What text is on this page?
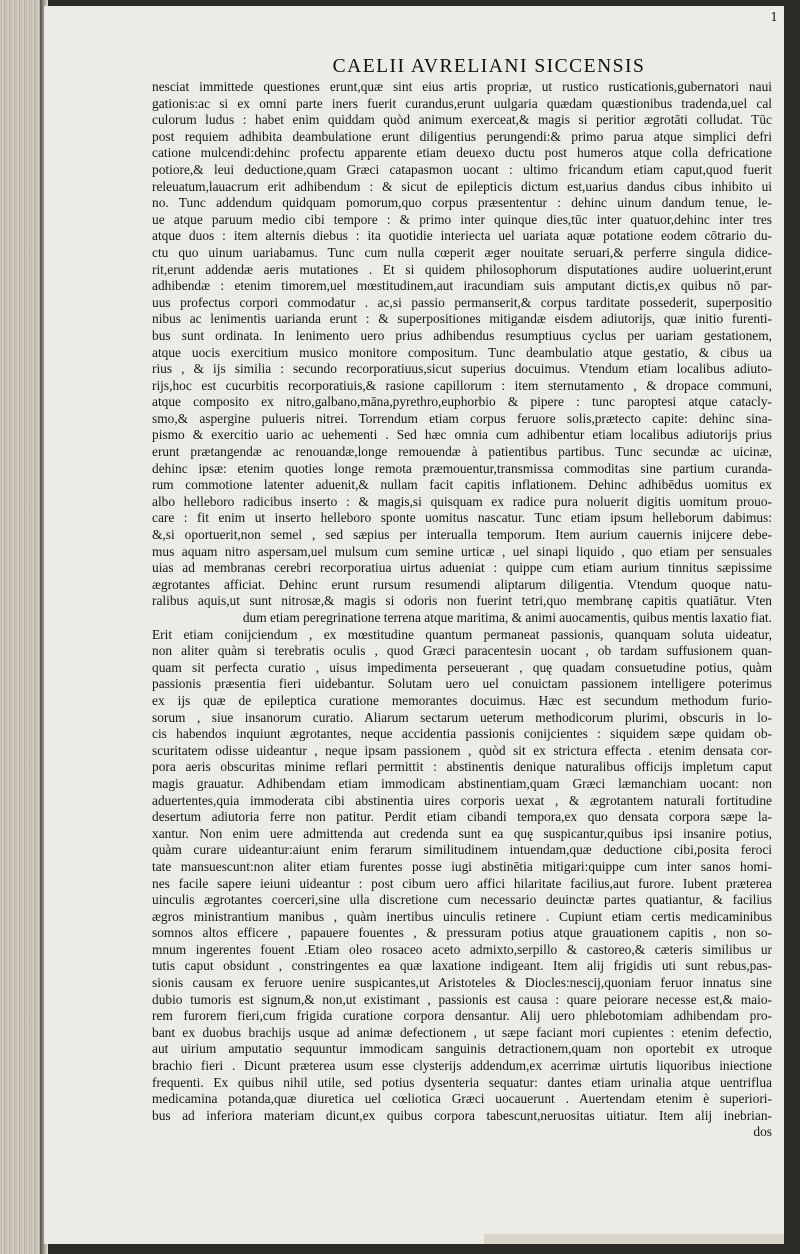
1
CAELII AVRELIANI SICCENSIS
nesciat immittede questiones erunt,quæ sint eius artis propriæ, ut rustico rusticationis,gubernatori naui
gationis:ac si ex omni parte iners fuerit curandus,erunt uulgaria quædam quæstionibus tradenda,uel cal
culorum ludus : habet enim quiddam quòd animum exerceat,& magis si peritior ægrotāti colludat. Tūc
post requiem adhibita deambulatione erunt diligentius perungendi:& primo parua atque simplici defri
catione mulcendi:dehinc profectu apparente etiam deuexo ductu post humeros atque colla defricatione
potiore,& leui deductione,quam Græci catapasmon uocant : ultimo fricandum etiam caput,quod fuerit
releuatum,lauacrum erit adhibendum : & sicut de epilepticis dictum est,uarius dandus cibus inhibito ui
no. Tunc addendum quidquam pomorum,quo corpus præsententur : dehinc uinum dandum tenue, le-
ue atque paruum medio cibi tempore : & primo inter quinque dies,tūc inter quatuor,dehinc inter tres
atque duos : item alternis diebus : ita quotidie interiecta uel uariata aquæ potatione eodem cōtrario du-
ctu quo uinum uariabamus. Tunc cum nulla cœperit æger nouitate seruari,& perferre singula didice-
rit,erunt addendæ aeris mutationes . Et si quidem philosophorum disputationes audire uoluerint,erunt
adhibendæ : etenim timorem,uel mœstitudinem,aut iracundiam suis amputant dictis,ex quibus nō par-
uus profectus corpori commodatur . ac,si passio permanserit,& corpus tarditate possederit, superpositio
nibus ac lenimentis uarianda erunt : & superpositiones mitigandæ eisdem adiutorijs, quæ initio furenti-
bus sunt ordinata. In lenimento uero prius adhibendus resumptiuus cyclus per uariam gestationem,
atque uocis exercitium musico monitore compositum. Tunc deambulatio atque gestatio, & cibus ua
rius , & ijs similia : secundo recorporatiuus,sicut superius docuimus. Vtendum etiam localibus adiuto-
rijs,hoc est cucurbitis recorporatiuis,& rasione capillorum : item sternutamento , & dropace communi,
atque composito ex nitro,galbano,māna,pyrethro,euphorbio & pipere : tunc paroptesi atque catacly-
smo,& aspergine pulueris nitrei. Torrendum etiam corpus feruore solis,prætecto capite: dehinc sina-
pismo & exercitio uario ac uehementi . Sed hæc omnia cum adhibentur etiam localibus adiutorijs prius
erunt prætangendæ ac renouandæ,longe remouendæ à patientibus partibus. Tunc secundæ ac uicinæ,
dehinc ipsæ: etenim quoties longe remota præmouentur,transmissa commoditas sine partium curanda-
rum commotione latenter aduenit,& nullam facit capitis inflationem. Dehinc adhibēdus uomitus ex
albo helleboro radicibus inserto : & magis,si quisquam ex radice pura noluerit digitis uomitum prouo-
care : fit enim ut inserto helleboro sponte uomitus nascatur. Tunc etiam ipsum helleborum dabimus:
&,si oportuerit,non semel , sed sæpius per interualla temporum. Item aurium cauernis inijcere debe-
mus aquam nitro aspersam,uel mulsum cum semine urticæ , uel sinapi liquido , quo etiam per sensuales
uias ad membranas cerebri recorporatiua uirtus adueniat : quippe cum etiam aurium tinnitus sæpissime
ægrotantes afficiat. Dehinc erunt rursum resumendi aliptarum diligentia. Vtendum quoque natu-
ralibus aquis,ut sunt nitrosæ,& magis si odoris non fuerint tetri,quo membranę capitis quatiātur. Vten
dum etiam peregrinatione terrena atque maritima, & animi auocamentis, quibus mentis laxatio fiat.
Erit etiam conijciendum , ex mœstitudine quantum permaneat passionis, quanquam soluta uideatur,
non aliter quàm si terebratis oculis , quod Græci paracentesin uocant , ob tardam suffusionem quan-
quam sit perfecta curatio , uisus impedimenta perseuerant , quę quadam consuetudine potius, quàm
passionis præsentia fieri uidebantur. Solutam uero uel conuictam passionem intelligere poterimus
ex ijs quæ de epileptica curatione memorantes docuimus. Hæc est secundum methodum furio-
sorum , siue insanorum curatio. Aliarum sectarum ueterum methodicorum plurimi, obscuris in lo-
cis habendos inquiunt ægrotantes, neque accidentia passionis conijcientes : siquidem sæpe quidam ob-
scuritatem odisse uideantur , neque ipsam passionem , quòd sit ex strictura effecta . etenim densata cor-
pora aeris obscuritas minime reflari permittit : abstinentis denique naturalibus officijs impletum caput
magis grauatur. Adhibendam etiam immodicam abstinentiam,quam Græci læmanchiam uocant: non
aduertentes,quia immoderata cibi abstinentia uires corporis uexat , & ægrotantem naturali fortitudine
desertum adiutoria ferre non patitur. Perdit etiam cibandi tempora,ex quo densata corpora sæpe la-
xantur. Non enim uere admittenda aut credenda sunt ea quę suspicantur,quibus ipsi insanire potius,
quàm curare uideantur:aiunt enim ferarum similitudinem intuendam,quæ deductione cibi,posita feroci
tate mansuescunt:non aliter etiam furentes posse iugi abstinētia mitigari:quippe cum inter sanos homi-
nes facile sapere ieiuni uideantur : post cibum uero affici hilaritate facilius,aut furore. Iubent præterea
uinculis ægrotantes coerceri,sine ulla discretione cum necessario deuinctæ partes quatiantur, & facilius
ægros ministrantium manibus , quàm inertibus uinculis retinere . Cupiunt etiam certis medicaminibus
somnos altos efficere , papauere fouentes , & pressuram potius atque grauationem capitis , non so-
mnum ingerentes fouent .Etiam oleo rosaceo aceto admixto,serpillo & castoreo,& cæteris similibus ur
tutis caput obsidunt , constringentes ea quæ laxatione indigeant. Item alij frigidis uti sunt rebus,pas-
sionis causam ex feruore uenire suspicantes,ut Aristoteles & Diocles:nescij,quoniam feruor innatus sine
dubio tumoris est signum,& non,ut existimant , passionis est causa : quare peiorare necesse est,& maio-
rem furorem fieri,cum frigida curatione corpora densantur. Alij uero phlebotomiam adhibendam pro-
bant ex duobus brachijs usque ad animæ defectionem , ut sæpe faciant mori cupientes : etenim defectio,
aut uirium amputatio sequuntur immodicam sanguinis detractionem,quam non oportebit ex utroque
brachio fieri . Dicunt præterea usum esse clysterijs addendum,ex acerrimæ uirtutis liquoribus iniectione
frequenti. Ex quibus nihil utile, sed potius dysenteria sequatur: dantes etiam urinalia atque uentriflua
medicamina potanda,quæ diuretica uel cœliotica Græci uocauerunt . Auertendam etenim è superiori-
bus ad inferiora materiam dicunt,ex quibus corpora tabescunt,neruositas uitiatur. Item alij inebrian-
dos
